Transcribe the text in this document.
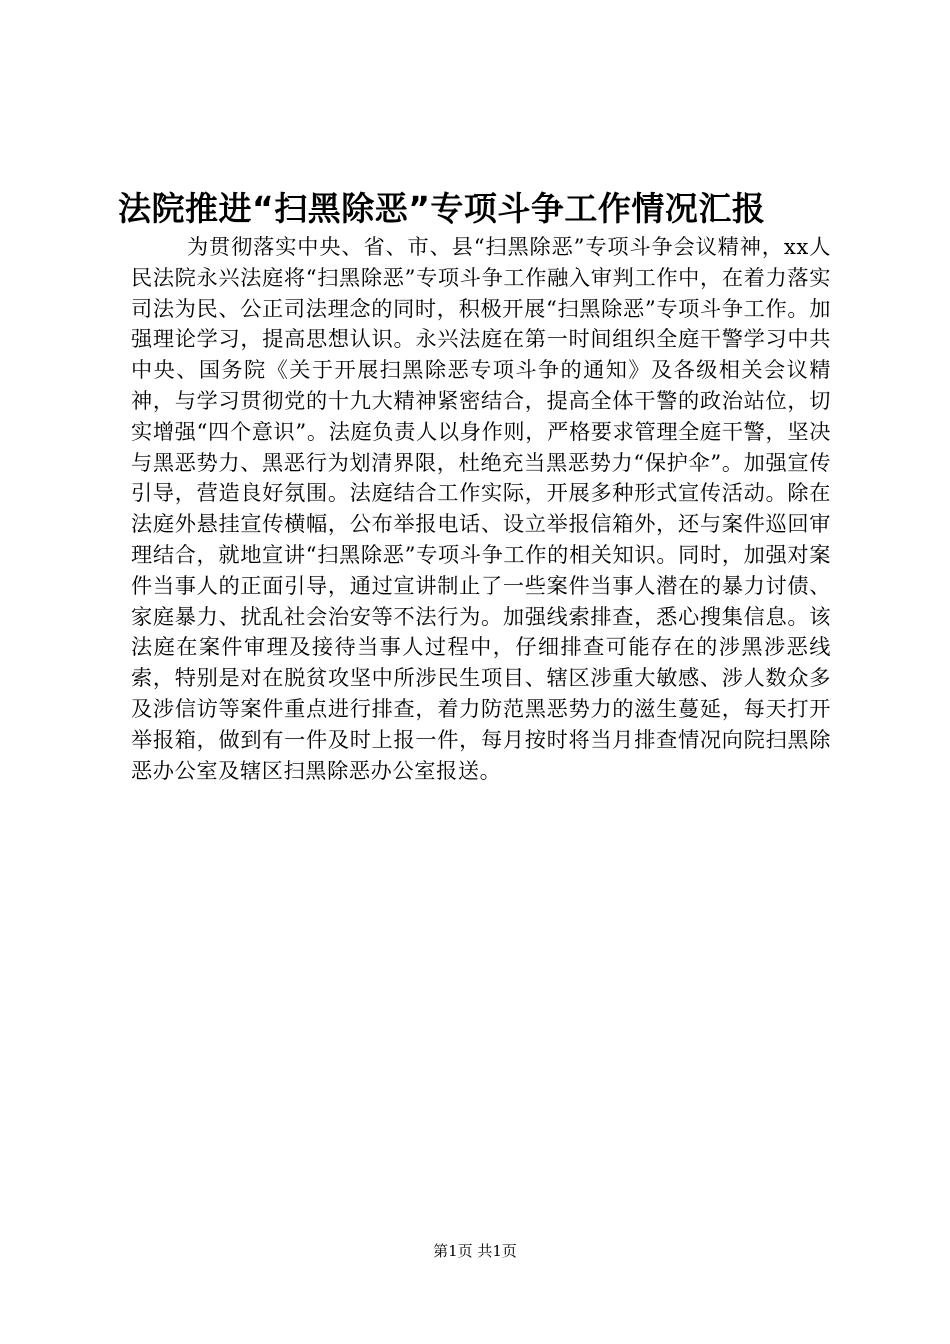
法院推进“扫黑除恶”专项斗争工作情况汇报

为贯彻落实中央、省、市、县“扫黑除恶”专项斗争会议精神，xx人民法院永兴法庭将“扫黑除恶”专项斗争工作融入审判工作中，在着力落实司法为民、公正司法理念的同时，积极开展“扫黑除恶”专项斗争工作。加强理论学习，提高思想认识。永兴法庭在第一时间组织全庭干警学习中共中央、国务院《关于开展扫黑除恶专项斗争的通知》及各级相关会议精神，与学习贯彻党的十九大精神紧密结合，提高全体干警的政治站位，切实增强“四个意识”。法庭负责人以身作则，严格要求管理全庭干警，坚决与黑恶势力、黑恶行为划清界限，杜绝充当黑恶势力“保护伞”。加强宣传引导，营造良好氛围。法庭结合工作实际，开展多种形式宣传活动。除在法庭外悬挂宣传横幅，公布举报电话、设立举报信箱外，还与案件巡回审理结合，就地宣讲“扫黑除恶”专项斗争工作的相关知识。同时，加强对案件当事人的正面引导，通过宣讲制止了一些案件当事人潜在的暴力讨债、家庭暴力、扰乱社会治安等不法行为。加强线索排查，悉心搜集信息。该法庭在案件审理及接待当事人过程中，仔细排查可能存在的涉黑涉恶线索，特别是对在脱贫攻坚中所涉民生项目、辖区涉重大敏感、涉人数众多及涉信访等案件重点进行排查，着力防范黑恶势力的滋生蔓延，每天打开举报箱，做到有一件及时上报一件，每月按时将当月排查情况向院扫黑除恶办公室及辖区扫黑除恶办公室报送。

第1页 共1页
